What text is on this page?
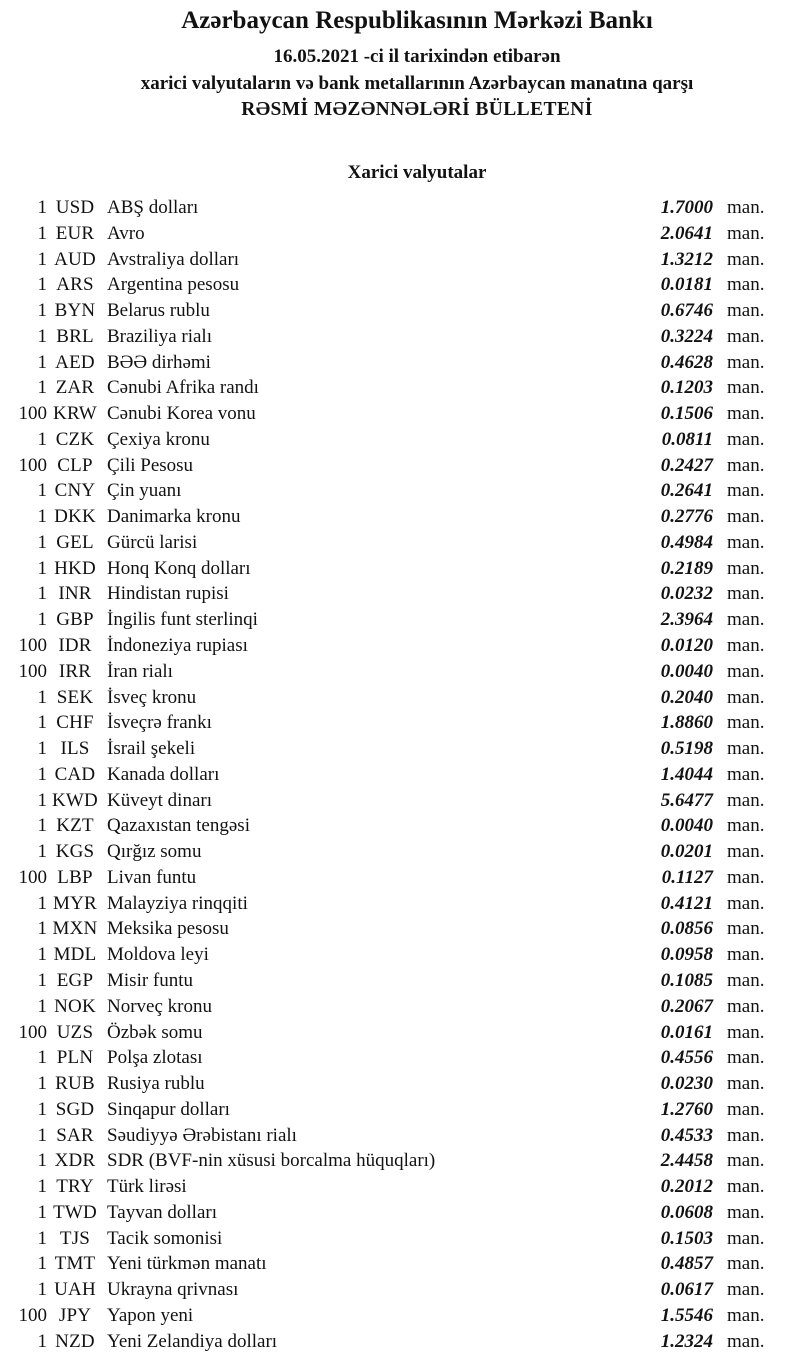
Azərbaycan Respublikasının Mərkəzi Bankı
16.05.2021 -ci il tarixindən etibarən
xarici valyutaların və bank metallarının Azərbaycan manatına qarşı
RƏSMİ MƏZƏNNƏLƏRİ BÜLLETENİ
Xarici valyutalar
1 USD ABŞ dolları	1.7000 man.
1 EUR Avro	2.0641 man.
1 AUD Avstraliya dolları	1.3212 man.
1 ARS Argentina pesosu	0.0181 man.
1 BYN Belarus rublu	0.6746 man.
1 BRL Braziliya rialı	0.3224 man.
1 AED BƏƏ dirhəmi	0.4628 man.
1 ZAR Cənubi Afrika randı	0.1203 man.
100 KRW Cənubi Korea vonu	0.1506 man.
1 CZK Çexiya kronu	0.0811 man.
100 CLP Çili Pesosu	0.2427 man.
1 CNY Çin yuanı	0.2641 man.
1 DKK Danimarka kronu	0.2776 man.
1 GEL Gürcü larisi	0.4984 man.
1 HKD Honq Konq dolları	0.2189 man.
1 INR Hindistan rupisi	0.0232 man.
1 GBP İngilis funt sterlinqi	2.3964 man.
100 IDR İndoneziya rupiası	0.0120 man.
100 IRR İran rialı	0.0040 man.
1 SEK İsveç kronu	0.2040 man.
1 CHF İsveçrə frankı	1.8860 man.
1 ILS İsrail şekeli	0.5198 man.
1 CAD Kanada dolları	1.4044 man.
1 KWD Küveyt dinarı	5.6477 man.
1 KZT Qazaxıstan tengəsi	0.0040 man.
1 KGS Qırğız somu	0.0201 man.
100 LBP Livan funtu	0.1127 man.
1 MYR Malayziya rinqqiti	0.4121 man.
1 MXN Meksika pesosu	0.0856 man.
1 MDL Moldova leyi	0.0958 man.
1 EGP Misir funtu	0.1085 man.
1 NOK Norveç kronu	0.2067 man.
100 UZS Özbək somu	0.0161 man.
1 PLN Polşa zlotası	0.4556 man.
1 RUB Rusiya rublu	0.0230 man.
1 SGD Sinqapur dolları	1.2760 man.
1 SAR Səudiyyə Ərəbistanı rialı	0.4533 man.
1 XDR SDR (BVF-nin xüsusi borcalma hüquqları)	2.4458 man.
1 TRY Türk lirəsi	0.2012 man.
1 TWD Tayvan dolları	0.0608 man.
1 TJS Tacik somonisi	0.1503 man.
1 TMT Yeni türkmən manatı	0.4857 man.
1 UAH Ukrayna qrivnası	0.0617 man.
100 JPY Yapon yeni	1.5546 man.
1 NZD Yeni Zelandiya dolları	1.2324 man.
